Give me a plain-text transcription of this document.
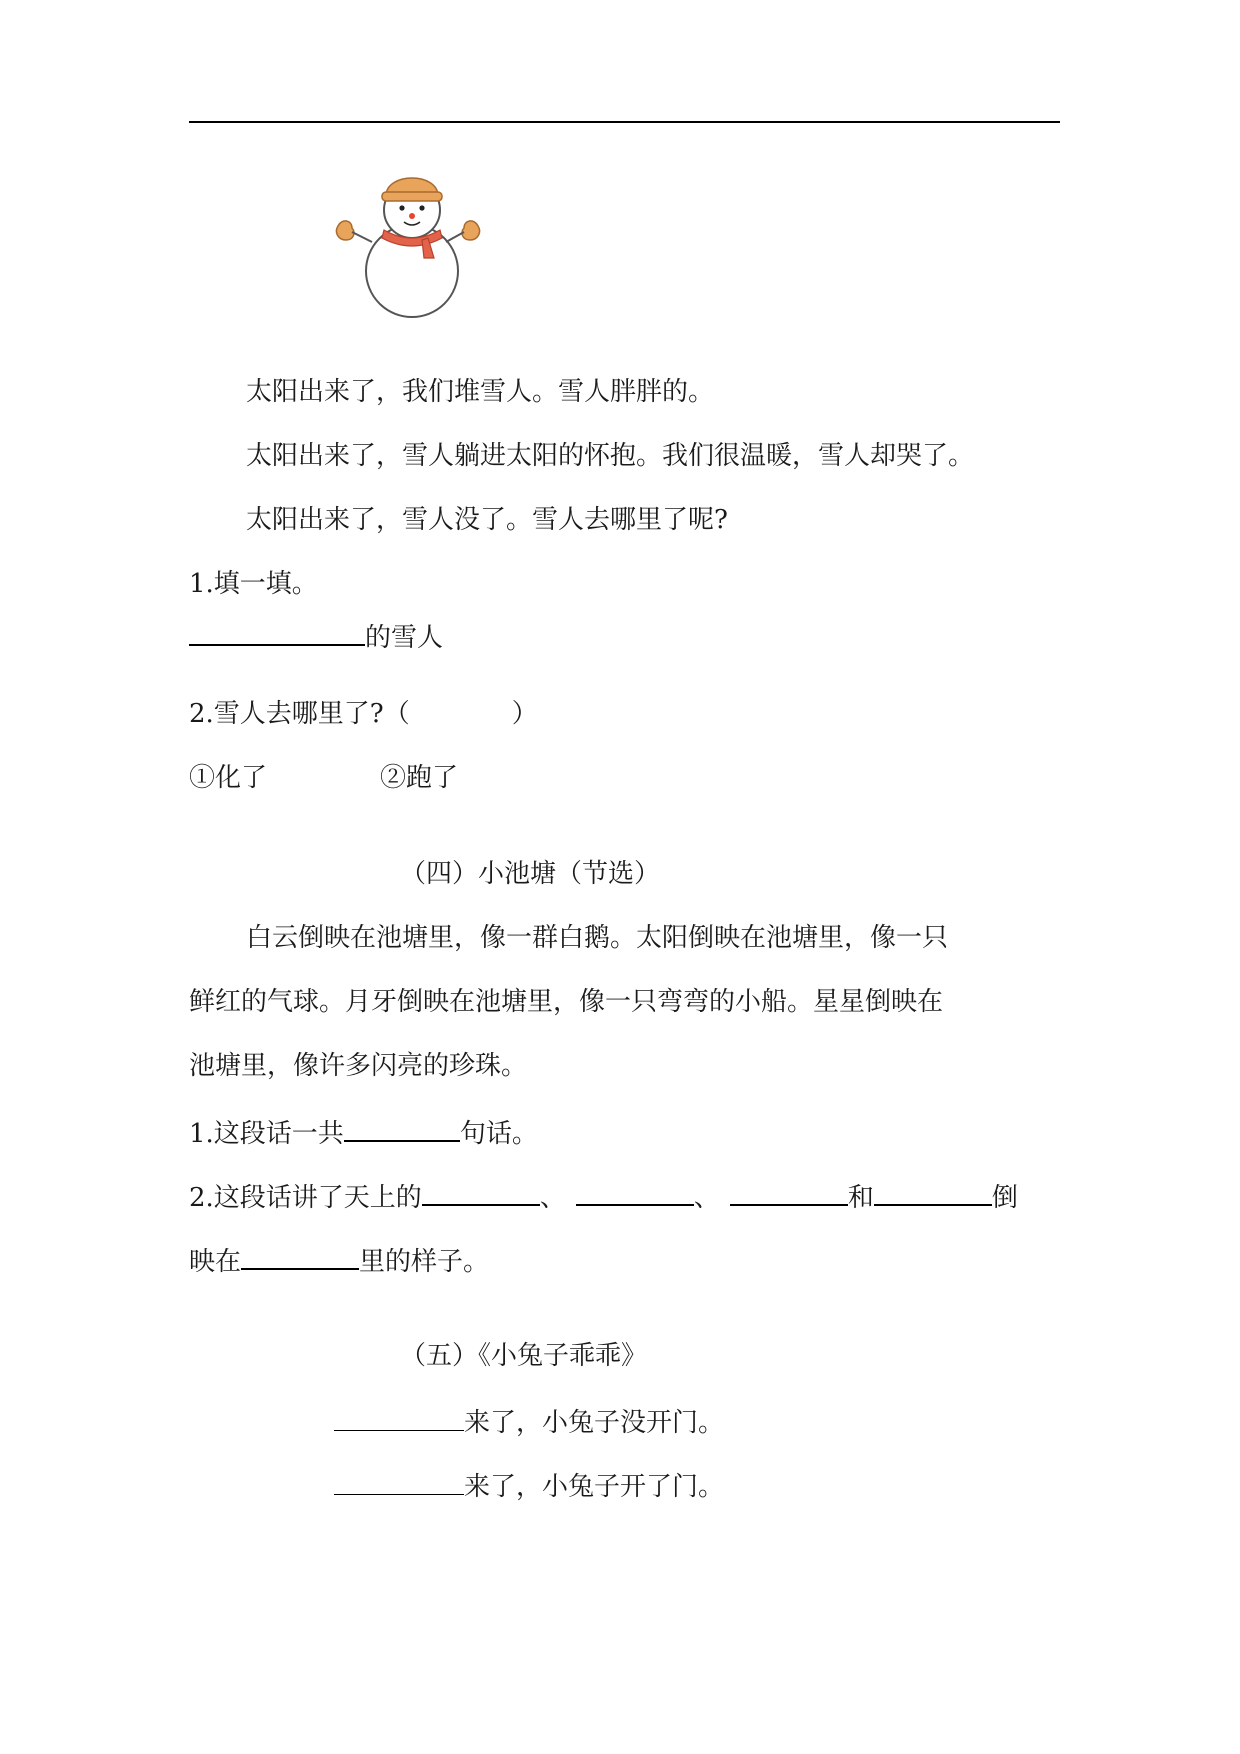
太阳出来了，我们堆雪人。雪人胖胖的。
太阳出来了，雪人躺进太阳的怀抱。我们很温暖，雪人却哭了。
太阳出来了，雪人没了。雪人去哪里了呢?
1.填一填。
的雪人
2.雪人去哪里了?（	）
①化了	②跑了
（四）小池塘（节选）
白云倒映在池塘里，像一群白鹅。太阳倒映在池塘里，像一只
鲜红的气球。月牙倒映在池塘里，像一只弯弯的小船。星星倒映在
池塘里，像许多闪亮的珍珠。
1.这段话一共	句话。
2.这段话讲了天上的	、	、	和	倒
映在	里的样子。
（五）《小兔子乖乖》
来了，小兔子没开门。
来了，小兔子开了门。
